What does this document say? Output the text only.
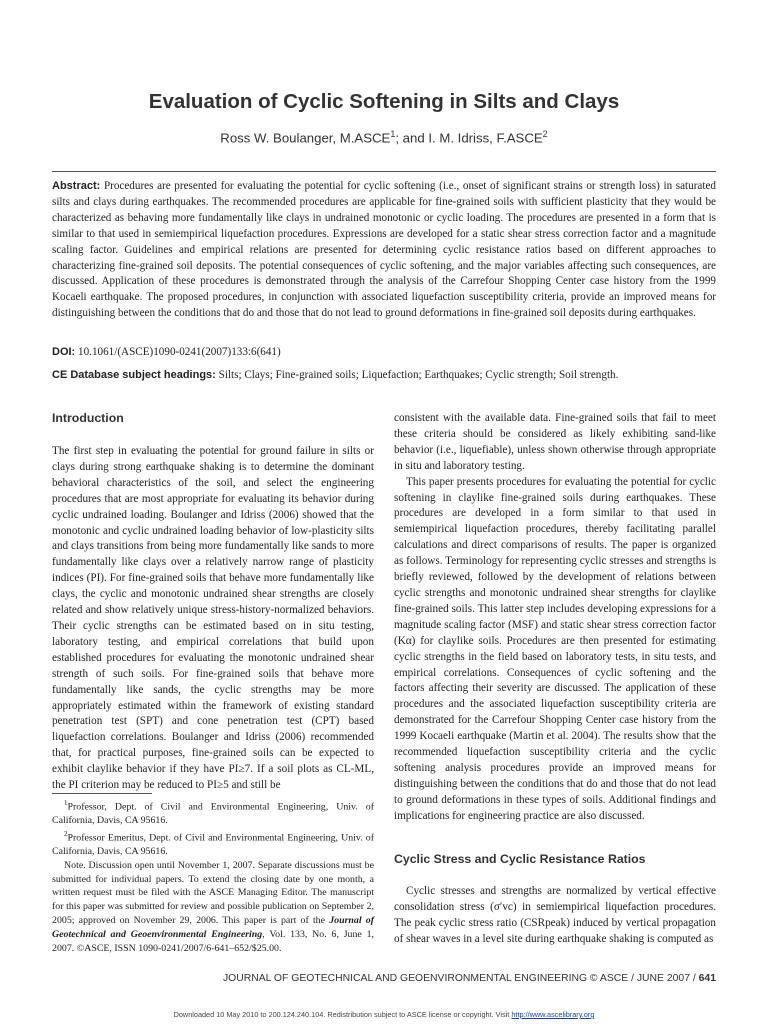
Evaluation of Cyclic Softening in Silts and Clays
Ross W. Boulanger, M.ASCE$^1$; and I. M. Idriss, F.ASCE$^2$
Abstract: Procedures are presented for evaluating the potential for cyclic softening (i.e., onset of significant strains or strength loss) in saturated silts and clays during earthquakes. The recommended procedures are applicable for fine-grained soils with sufficient plasticity that they would be characterized as behaving more fundamentally like clays in undrained monotonic or cyclic loading. The procedures are presented in a form that is similar to that used in semiempirical liquefaction procedures. Expressions are developed for a static shear stress correction factor and a magnitude scaling factor. Guidelines and empirical relations are presented for determining cyclic resistance ratios based on different approaches to characterizing fine-grained soil deposits. The potential consequences of cyclic softening, and the major variables affecting such consequences, are discussed. Application of these procedures is demonstrated through the analysis of the Carrefour Shopping Center case history from the 1999 Kocaeli earthquake. The proposed procedures, in conjunction with associated liquefaction susceptibility criteria, provide an improved means for distinguishing between the conditions that do and those that do not lead to ground deformations in fine-grained soil deposits during earthquakes.
DOI: 10.1061/(ASCE)1090-0241(2007)133:6(641)
CE Database subject headings: Silts; Clays; Fine-grained soils; Liquefaction; Earthquakes; Cyclic strength; Soil strength.
Introduction

The first step in evaluating the potential for ground failure in silts or clays during strong earthquake shaking is to determine the dominant behavioral characteristics of the soil, and select the engineering procedures that are most appropriate for evaluating its behavior during cyclic undrained loading. Boulanger and Idriss (2006) showed that the monotonic and cyclic undrained loading behavior of low-plasticity silts and clays transitions from being more fundamentally like sands to more fundamentally like clays over a relatively narrow range of plasticity indices (PI). For fine-grained soils that behave more fundamentally like clays, the cyclic and monotonic undrained shear strengths are closely related and show relatively unique stress-history-normalized behaviors. Their cyclic strengths can be estimated based on in situ testing, laboratory testing, and empirical correlations that build upon established procedures for evaluating the monotonic undrained shear strength of such soils. For fine-grained soils that behave more fundamentally like sands, the cyclic strengths may be more appropriately estimated within the framework of existing standard penetration test (SPT) and cone penetration test (CPT) based liquefaction correlations. Boulanger and Idriss (2006) recommended that, for practical purposes, fine-grained soils can be expected to exhibit claylike behavior if they have PI≥7. If a soil plots as CL-ML, the PI criterion may be reduced to PI≥5 and still be

$^1$Professor, Dept. of Civil and Environmental Engineering, Univ. of California, Davis, CA 95616.

$^2$Professor Emeritus, Dept. of Civil and Environmental Engineering, Univ. of California, Davis, CA 95616.

Note. Discussion open until November 1, 2007. Separate discussions must be submitted for individual papers. To extend the closing date by one month, a written request must be filed with the ASCE Managing Editor. The manuscript for this paper was submitted for review and possible publication on September 2, 2005; approved on November 29, 2006. This paper is part of the Journal of Geotechnical and Geoenvironmental Engineering, Vol. 133, No. 6, June 1, 2007. ©ASCE, ISSN 1090-0241/2007/6-641–652/$25.00.

consistent with the available data. Fine-grained soils that fail to meet these criteria should be considered as likely exhibiting sand-like behavior (i.e., liquefiable), unless shown otherwise through appropriate in situ and laboratory testing.

This paper presents procedures for evaluating the potential for cyclic softening in claylike fine-grained soils during earthquakes. These procedures are developed in a form similar to that used in semiempirical liquefaction procedures, thereby facilitating parallel calculations and direct comparisons of results. The paper is organized as follows. Terminology for representing cyclic stresses and strengths is briefly reviewed, followed by the development of relations between cyclic strengths and monotonic undrained shear strengths for claylike fine-grained soils. This latter step includes developing expressions for a magnitude scaling factor (MSF) and static shear stress correction factor (Kα) for claylike soils. Procedures are then presented for estimating cyclic strengths in the field based on laboratory tests, in situ tests, and empirical correlations. Consequences of cyclic softening and the factors affecting their severity are discussed. The application of these procedures and the associated liquefaction susceptibility criteria are demonstrated for the Carrefour Shopping Center case history from the 1999 Kocaeli earthquake (Martin et al. 2004). The results show that the recommended liquefaction susceptibility criteria and the cyclic softening analysis procedures provide an improved means for distinguishing between the conditions that do and those that do not lead to ground deformations in these types of soils. Additional findings and implications for engineering practice are also discussed.

Cyclic Stress and Cyclic Resistance Ratios

Cyclic stresses and strengths are normalized by vertical effective consolidation stress (σ′vc) in semiempirical liquefaction procedures. The peak cyclic stress ratio (CSRpeak) induced by vertical propagation of shear waves in a level site during earthquake shaking is computed as

JOURNAL OF GEOTECHNICAL AND GEOENVIRONMENTAL ENGINEERING © ASCE / JUNE 2007 / 641
Downloaded 10 May 2010 to 200.124.240.104. Redistribution subject to ASCE license or copyright. Visit http://www.ascelibrary.org
